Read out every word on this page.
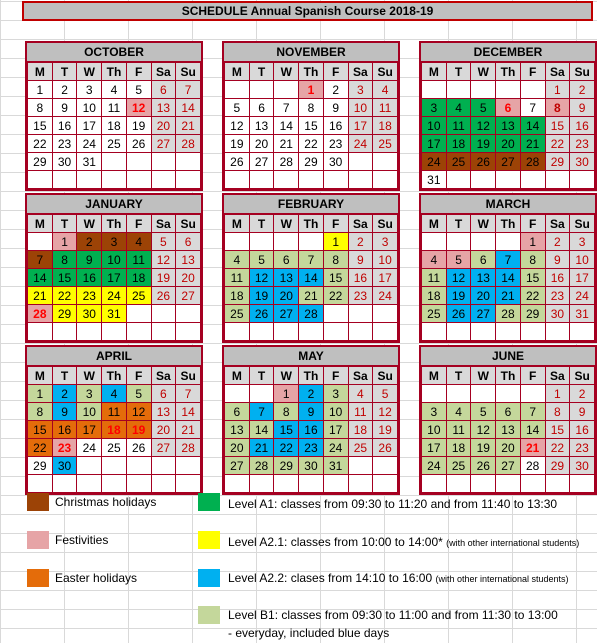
SCHEDULE Annual Spanish Course 2018-19
OCTOBER
M	T	W	Th	F	Sa	Su
1	2	3	4	5	6	7
8	9	10	11	12	13	14
15	16	17	18	19	20	21
22	23	24	25	26	27	28
29	30	31				

NOVEMBER
M	T	W	Th	F	Sa	Su
			1	2	3	4
5	6	7	8	9	10	11
12	13	14	15	16	17	18
19	20	21	22	23	24	25
26	27	28	29	30		

DECEMBER
M	T	W	Th	F	Sa	Su
					1	2
3	4	5	6	7	8	9
10	11	12	13	14	15	16
17	18	19	20	21	22	23
24	25	26	27	28	29	30
31						
JANUARY
M	T	W	Th	F	Sa	Su
	1	2	3	4	5	6
7	8	9	10	11	12	13
14	15	16	17	18	19	20
21	22	23	24	25	26	27
28	29	30	31			

FEBRUARY
M	T	W	Th	F	Sa	Su
				1	2	3
4	5	6	7	8	9	10
11	12	13	14	15	16	17
18	19	20	21	22	23	24
25	26	27	28			

MARCH
M	T	W	Th	F	Sa	Su
				1	2	3
4	5	6	7	8	9	10
11	12	13	14	15	16	17
18	19	20	21	22	23	24
25	26	27	28	29	30	31

APRIL
M	T	W	Th	F	Sa	Su
1	2	3	4	5	6	7
8	9	10	11	12	13	14
15	16	17	18	19	20	21
22	23	24	25	26	27	28
29	30					

MAY
M	T	W	Th	F	Sa	Su
		1	2	3	4	5
6	7	8	9	10	11	12
13	14	15	16	17	18	19
20	21	22	23	24	25	26
27	28	29	30	31		

JUNE
M	T	W	Th	F	Sa	Su
					1	2
3	4	5	6	7	8	9
10	11	12	13	14	15	16
17	18	19	20	21	22	23
24	25	26	27	28	29	30

Christmas holidays
Festivities
Easter holidays
Level A1: classes from 09:30 to 11:20 and from 11:40 to 13:30
Level A2.1: classes from 10:00 to 14:00* (with other international students)
Level A2.2: clases from 14:10 to 16:00 (with other international students)
Level B1: classes from 09:30 to 11:00 and from 11:30 to 13:00
- everyday, included blue days
